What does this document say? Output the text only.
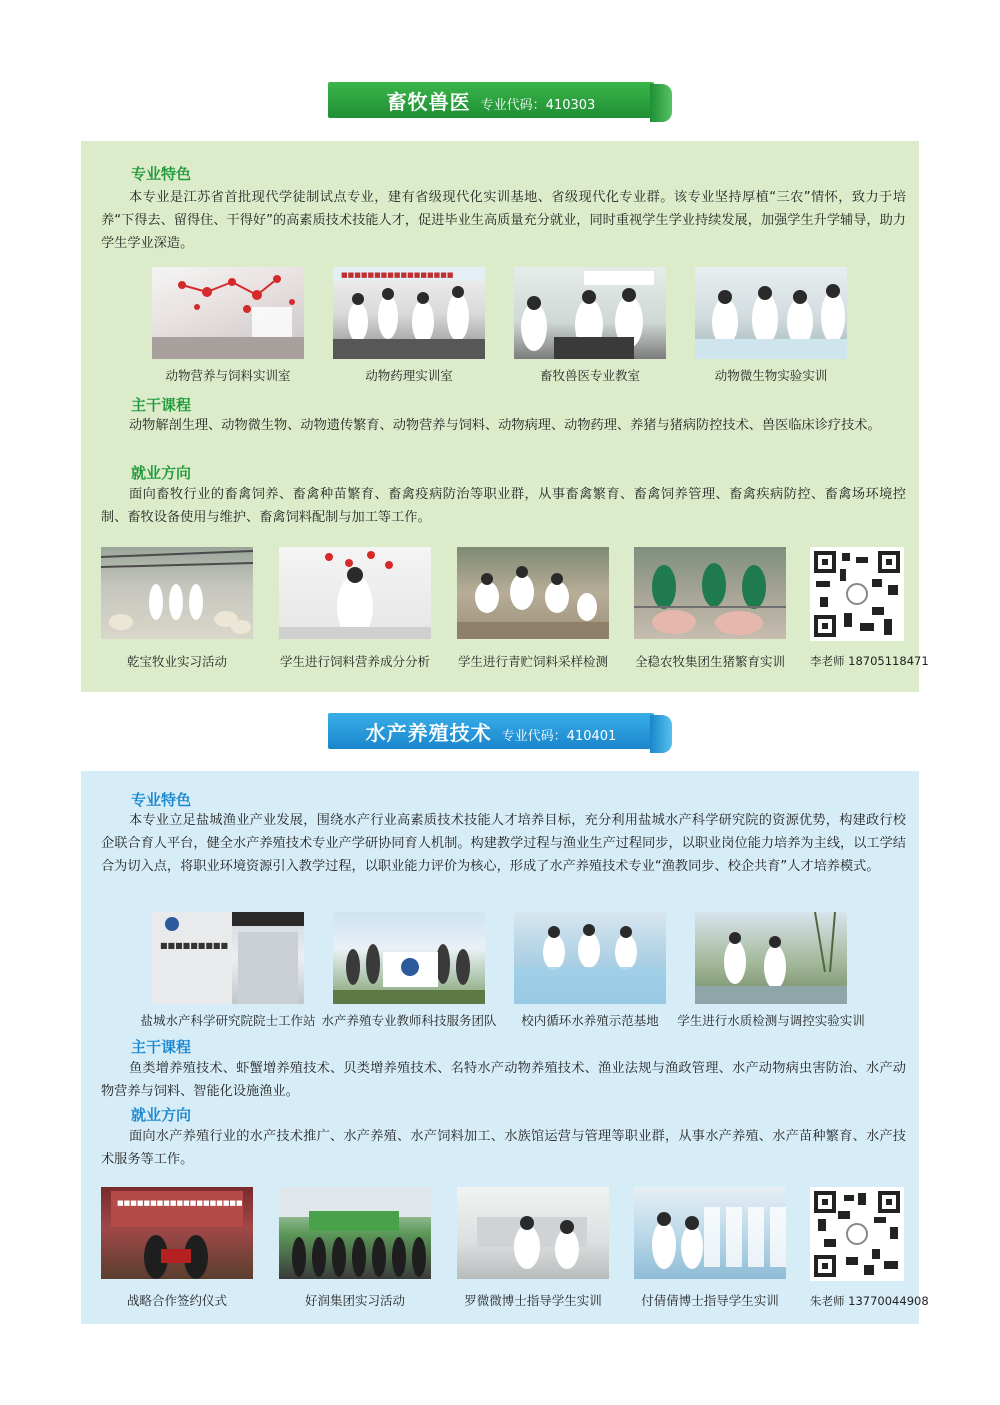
畜牧兽医 专业代码：410303
专业特色
本专业是江苏省首批现代学徒制试点专业，建有省级现代化实训基地、省级现代化专业群。该专业坚持厚植“三农”情怀，致力于培养“下得去、留得住、干得好”的高素质技术技能人才，促进毕业生高质量充分就业，同时重视学生学业持续发展，加强学生升学辅导，助力学生学业深造。
动物营养与饲料实训室
■■■■■■■■■■■■■■■■■
动物药理实训室	畜牧兽医专业教室	动物微生物实验实训
主干课程
动物解剖生理、动物微生物、动物遗传繁育、动物营养与饲料、动物病理、动物药理、养猪与猪病防控技术、兽医临床诊疗技术。
就业方向
面向畜牧行业的畜禽饲养、畜禽种苗繁育、畜禽疫病防治等职业群，从事畜禽繁育、畜禽饲养管理、畜禽疾病防控、畜禽场环境控制、畜牧设备使用与维护、畜禽饲料配制与加工等工作。
乾宝牧业实习活动	学生进行饲料营养成分分析	学生进行青贮饲料采样检测	全稳农牧集团生猪繁育实训	李老师 18705118471
水产养殖技术 专业代码：410401
专业特色
本专业立足盐城渔业产业发展，围绕水产行业高素质技术技能人才培养目标，充分利用盐城水产科学研究院的资源优势，构建政行校企联合育人平台，健全水产养殖技术专业产学研协同育人机制。构建教学过程与渔业生产过程同步，以职业岗位能力培养为主线，以工学结合为切入点，将职业环境资源引入教学过程，以职业能力评价为核心，形成了水产养殖技术专业“渔教同步、校企共育”人才培养模式。
■■■■■■■■■
盐城水产科学研究院院士工作站 水产养殖专业教师科技服务团队	校内循环水养殖示范基地	学生进行水质检测与调控实验实训
主干课程
鱼类增养殖技术、虾蟹增养殖技术、贝类增养殖技术、名特水产动物养殖技术、渔业法规与渔政管理、水产动物病虫害防治、水产动物营养与饲料、智能化设施渔业。
就业方向
面向水产养殖行业的水产技术推广、水产养殖、水产饲料加工、水族馆运营与管理等职业群，从事水产养殖、水产苗种繁育、水产技术服务等工作。
■■■■■■■■■■■■■■■■■■■
战略合作签约仪式	好润集团实习活动	罗微微博士指导学生实训	付倩倩博士指导学生实训	朱老师 13770044908
